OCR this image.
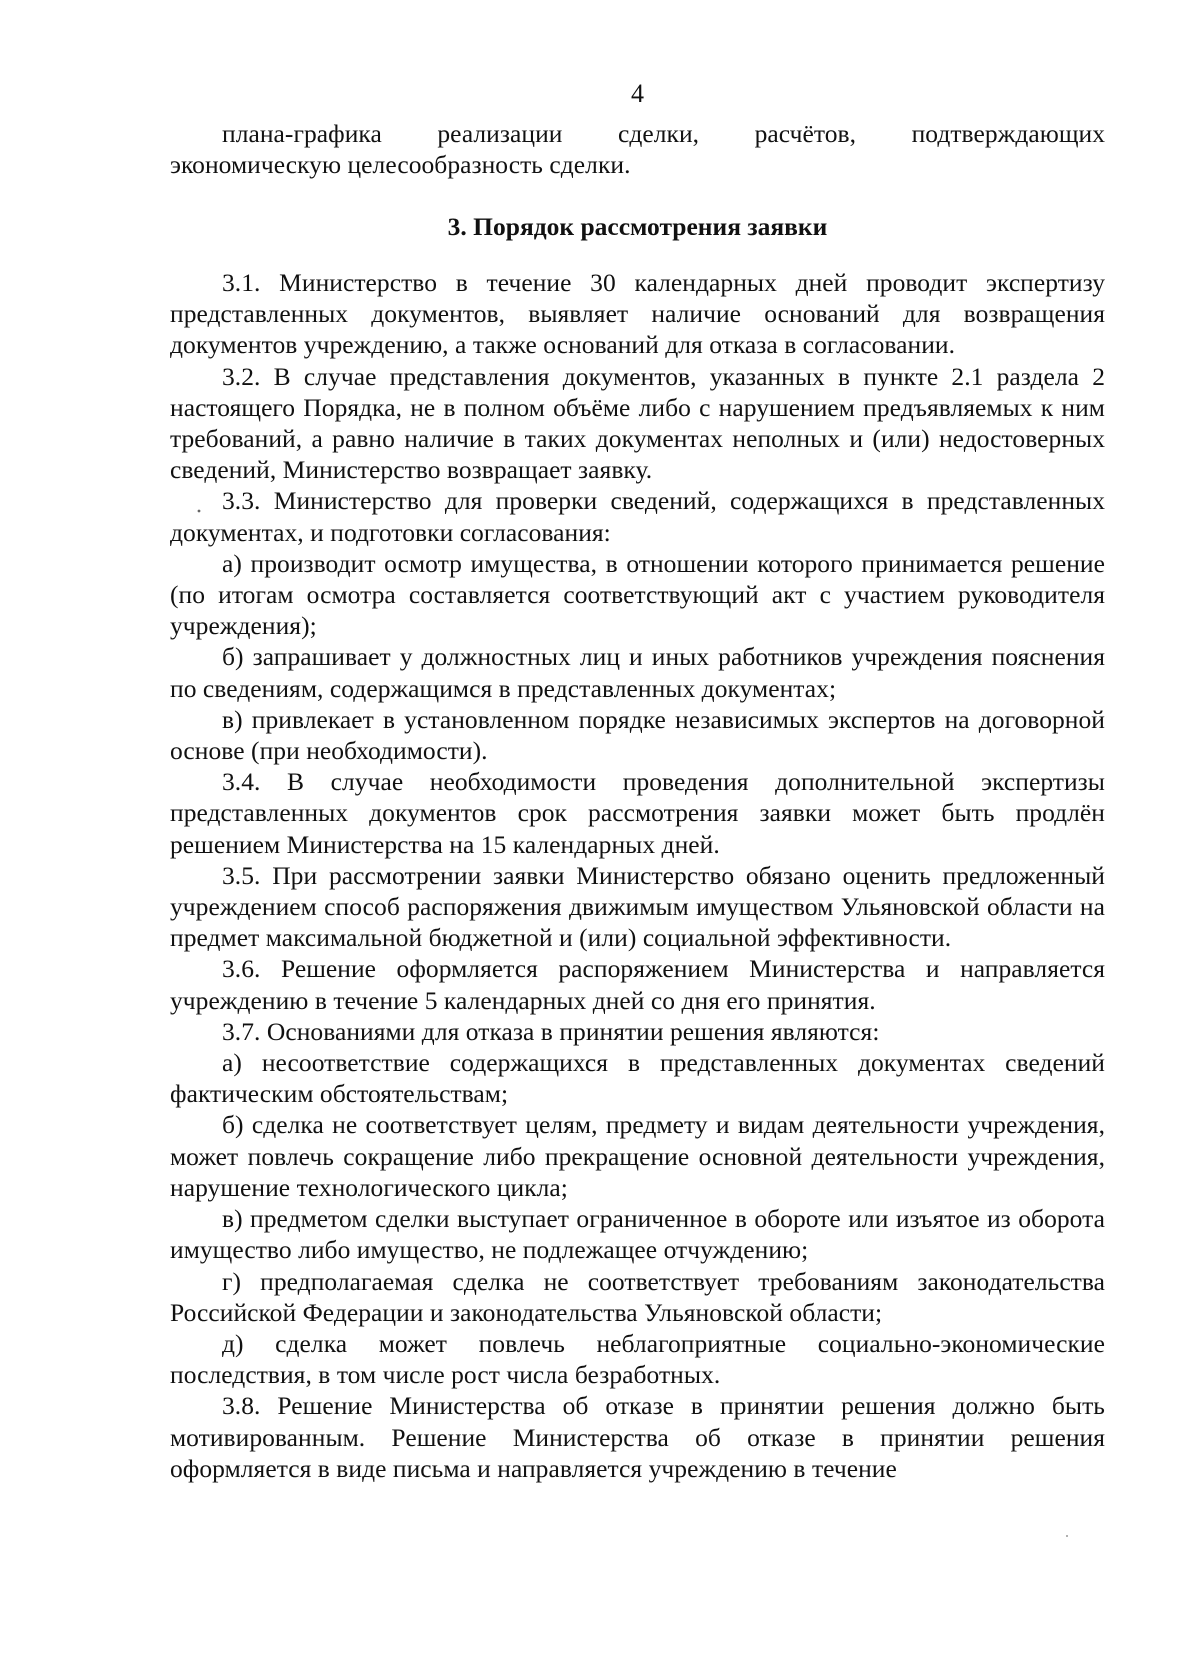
4

плана-графика реализации сделки, расчётов, подтверждающих

экономическую целесообразность сделки.

3. Порядок рассмотрения заявки

3.1. Министерство в течение 30 календарных дней проводит экспертизу представленных документов, выявляет наличие оснований для возвращения документов учреждению, а также оснований для отказа в согласовании.

3.2. В случае представления документов, указанных в пункте 2.1 раздела 2 настоящего Порядка, не в полном объёме либо с нарушением предъявляемых к ним требований, а равно наличие в таких документах неполных и (или) недостоверных сведений, Министерство возвращает заявку.

3.3. Министерство для проверки сведений, содержащихся в представленных документах, и подготовки согласования:

а) производит осмотр имущества, в отношении которого принимается решение (по итогам осмотра составляется соответствующий акт с участием руководителя учреждения);

б) запрашивает у должностных лиц и иных работников учреждения пояснения по сведениям, содержащимся в представленных документах;

в) привлекает в установленном порядке независимых экспертов на договорной основе (при необходимости).

3.4. В случае необходимости проведения дополнительной экспертизы представленных документов срок рассмотрения заявки может быть продлён решением Министерства на 15 календарных дней.

3.5. При рассмотрении заявки Министерство обязано оценить предложенный учреждением способ распоряжения движимым имуществом Ульяновской области на предмет максимальной бюджетной и (или) социальной эффективности.

3.6. Решение оформляется распоряжением Министерства и направляется учреждению в течение 5 календарных дней со дня его принятия.

3.7. Основаниями для отказа в принятии решения являются:

а) несоответствие содержащихся в представленных документах сведений фактическим обстоятельствам;

б) сделка не соответствует целям, предмету и видам деятельности учреждения, может повлечь сокращение либо прекращение основной деятельности учреждения, нарушение технологического цикла;

в) предметом сделки выступает ограниченное в обороте или изъятое из оборота имущество либо имущество, не подлежащее отчуждению;

г) предполагаемая сделка не соответствует требованиям законодательства Российской Федерации и законодательства Ульяновской области;

д) сделка может повлечь неблагоприятные социально-экономические последствия, в том числе рост числа безработных.

3.8. Решение Министерства об отказе в принятии решения должно быть мотивированным. Решение Министерства об отказе в принятии решения оформляется в виде письма и направляется учреждению в течение
